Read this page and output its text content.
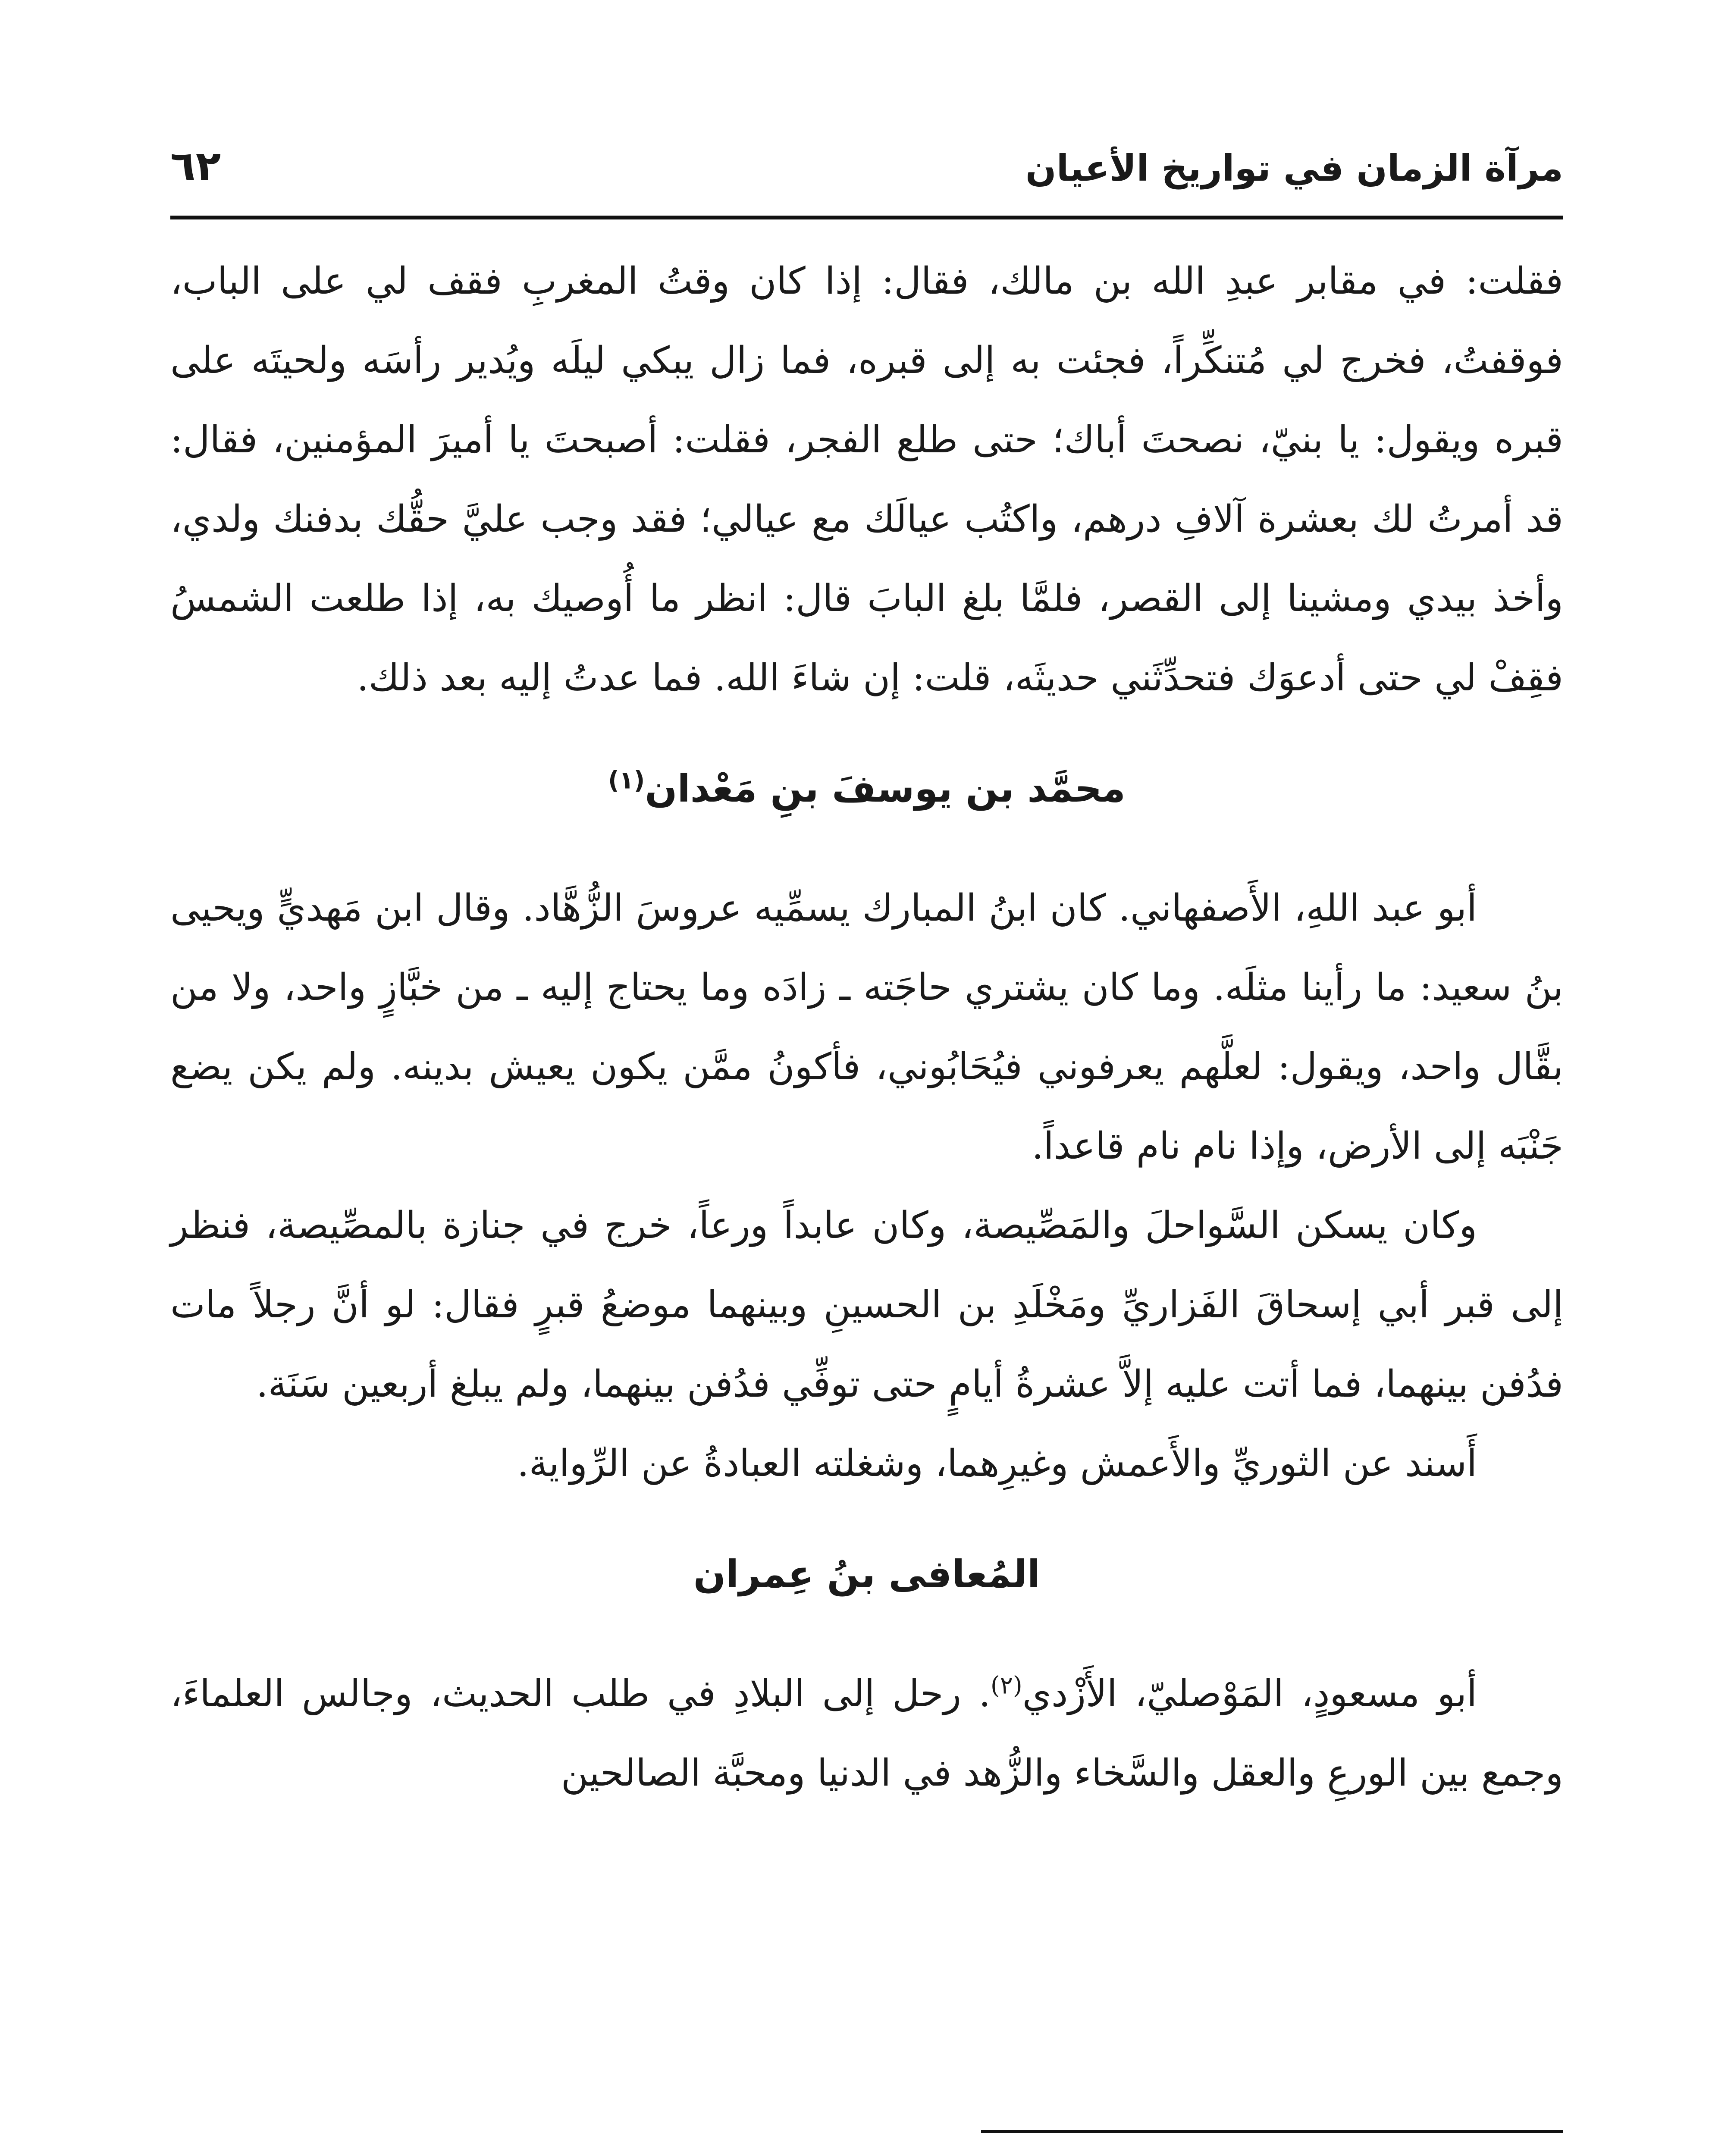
مرآة الزمان في تواريخ الأعيان
٦٢

فقلت: في مقابر عبدِ الله بن مالك، فقال: إذا كان وقتُ المغربِ فقف لي على الباب، فوقفتُ، فخرج لي مُتنكِّراً، فجئت به إلى قبره، فما زال يبكي ليلَه ويُدير رأسَه ولحيتَه على قبره ويقول: يا بنيّ، نصحتَ أباك؛ حتى طلع الفجر، فقلت: أصبحتَ يا أميرَ المؤمنين، فقال: قد أمرتُ لك بعشرة آلافِ درهم، واكتُب عيالَك مع عيالي؛ فقد وجب عليَّ حقُّك بدفنك ولدي، وأخذ بيدي ومشينا إلى القصر، فلمَّا بلغ البابَ قال: انظر ما أُوصيك به، إذا طلعت الشمسُ فقِفْ لي حتى أدعوَك فتحدِّثَني حديثَه، قلت: إن شاءَ الله. فما عدتُ إليه بعد ذلك.

محمَّد بن يوسفَ بنِ مَعْدان$^{(١)}$

أبو عبد اللهِ، الأَصفهاني. كان ابنُ المبارك يسمِّيه عروسَ الزُّهَّاد. وقال ابن مَهديٍّ ويحيى بنُ سعيد: ما رأينا مثلَه. وما كان يشتري حاجَته ـ زادَه وما يحتاج إليه ـ من خبَّازٍ واحد، ولا من بقَّال واحد، ويقول: لعلَّهم يعرفوني فيُحَابُوني، فأكونُ ممَّن يكون يعيش بدينه. ولم يكن يضع جَنْبَه إلى الأرض، وإذا نام نام قاعداً.

وكان يسكن السَّواحلَ والمَصِّيصة، وكان عابداً ورعاً، خرج في جنازة بالمصِّيصة، فنظر إلى قبر أبي إسحاقَ الفَزاريِّ ومَخْلَدِ بن الحسينِ وبينهما موضعُ قبرٍ فقال: لو أنَّ رجلاً مات فدُفن بينهما، فما أتت عليه إلاَّ عشرةُ أيامٍ حتى توفِّي فدُفن بينهما، ولم يبلغ أربعين سَنَة.

أَسند عن الثوريِّ والأَعمش وغيرِهما، وشغلته العبادةُ عن الرِّواية.

المُعافى بنُ عِمران

أبو مسعودٍ، المَوْصليّ، الأَزْدي$^{(٢)}$. رحل إلى البلادِ في طلب الحديث، وجالس العلماءَ، وجمع بين الورعِ والعقل والسَّخاء والزُّهد في الدنيا ومحبَّة الصالحين
